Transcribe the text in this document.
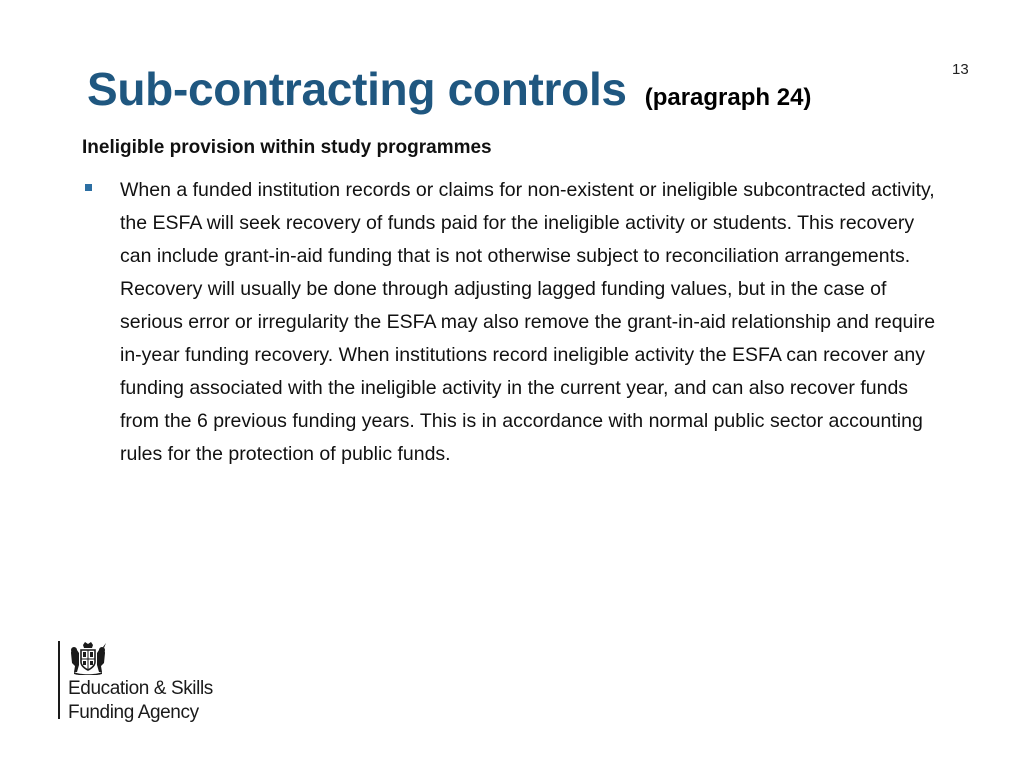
13
Sub-contracting controls (paragraph 24)
Ineligible provision within study programmes
When a funded institution records or claims for non-existent or ineligible subcontracted activity, the ESFA will seek recovery of funds paid for the ineligible activity or students. This recovery can include grant-in-aid funding that is not otherwise subject to reconciliation arrangements. Recovery will usually be done through adjusting lagged funding values, but in the case of serious error or irregularity the ESFA may also remove the grant-in-aid relationship and require in-year funding recovery. When institutions record ineligible activity the ESFA can recover any funding associated with the ineligible activity in the current year, and can also recover funds from the 6 previous funding years. This is in accordance with normal public sector accounting rules for the protection of public funds.
Education & Skills
Funding Agency
